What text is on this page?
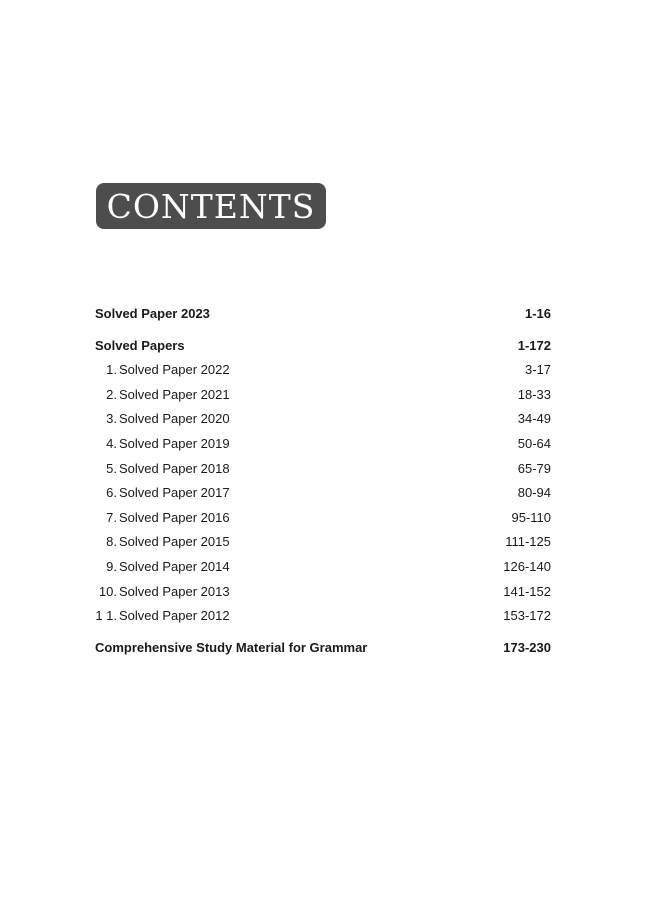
CONTENTS
Solved Paper 2023	1-16
Solved Papers	1-172
1. Solved Paper 2022	3-17
2. Solved Paper 2021	18-33
3. Solved Paper 2020	34-49
4. Solved Paper 2019	50-64
5. Solved Paper 2018	65-79
6. Solved Paper 2017	80-94
7. Solved Paper 2016	95-110
8. Solved Paper 2015	111-125
9. Solved Paper 2014	126-140
10. Solved Paper 2013	141-152
1 1. Solved Paper 2012	153-172
Comprehensive Study Material for Grammar	173-230
